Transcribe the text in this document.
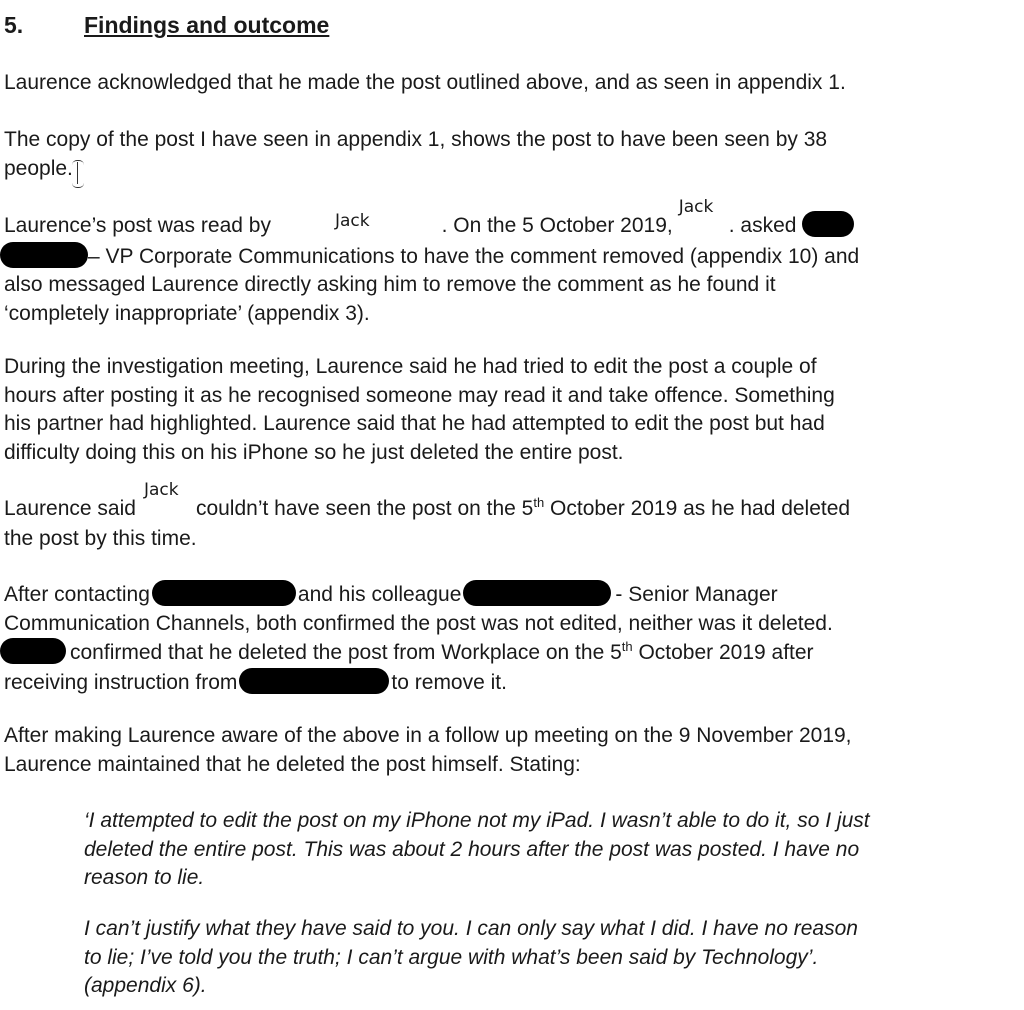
5.	Findings and outcome

Laurence acknowledged that he made the post outlined above, and as seen in appendix 1.

The copy of the post I have seen in appendix 1, shows the post to have been seen by 38
people.

Laurence’s post was read by	Jack	. On the 5 October 2019,Jack. asked
– VP Corporate Communications to have the comment removed (appendix 10) and
also messaged Laurence directly asking him to remove the comment as he found it
‘completely inappropriate’ (appendix 3).

During the investigation meeting, Laurence said he had tried to edit the post a couple of
hours after posting it as he recognised someone may read it and take offence. Something
his partner had highlighted. Laurence said that he had attempted to edit the post but had
difficulty doing this on his iPhone so he just deleted the entire post.

Laurence saidJackcouldn’t have seen the post on the 5th October 2019 as he had deleted
the post by this time.

After contacting	and his colleague	- Senior Manager
Communication Channels, both confirmed the post was not edited, neither was it deleted.
confirmed that he deleted the post from Workplace on the 5th October 2019 after
receiving instruction from	to remove it.

After making Laurence aware of the above in a follow up meeting on the 9 November 2019,
Laurence maintained that he deleted the post himself. Stating:

‘I attempted to edit the post on my iPhone not my iPad. I wasn’t able to do it, so I just
deleted the entire post. This was about 2 hours after the post was posted. I have no
reason to lie.

I can’t justify what they have said to you. I can only say what I did. I have no reason
to lie; I’ve told you the truth; I can’t argue with what’s been said by Technology’.
(appendix 6).
